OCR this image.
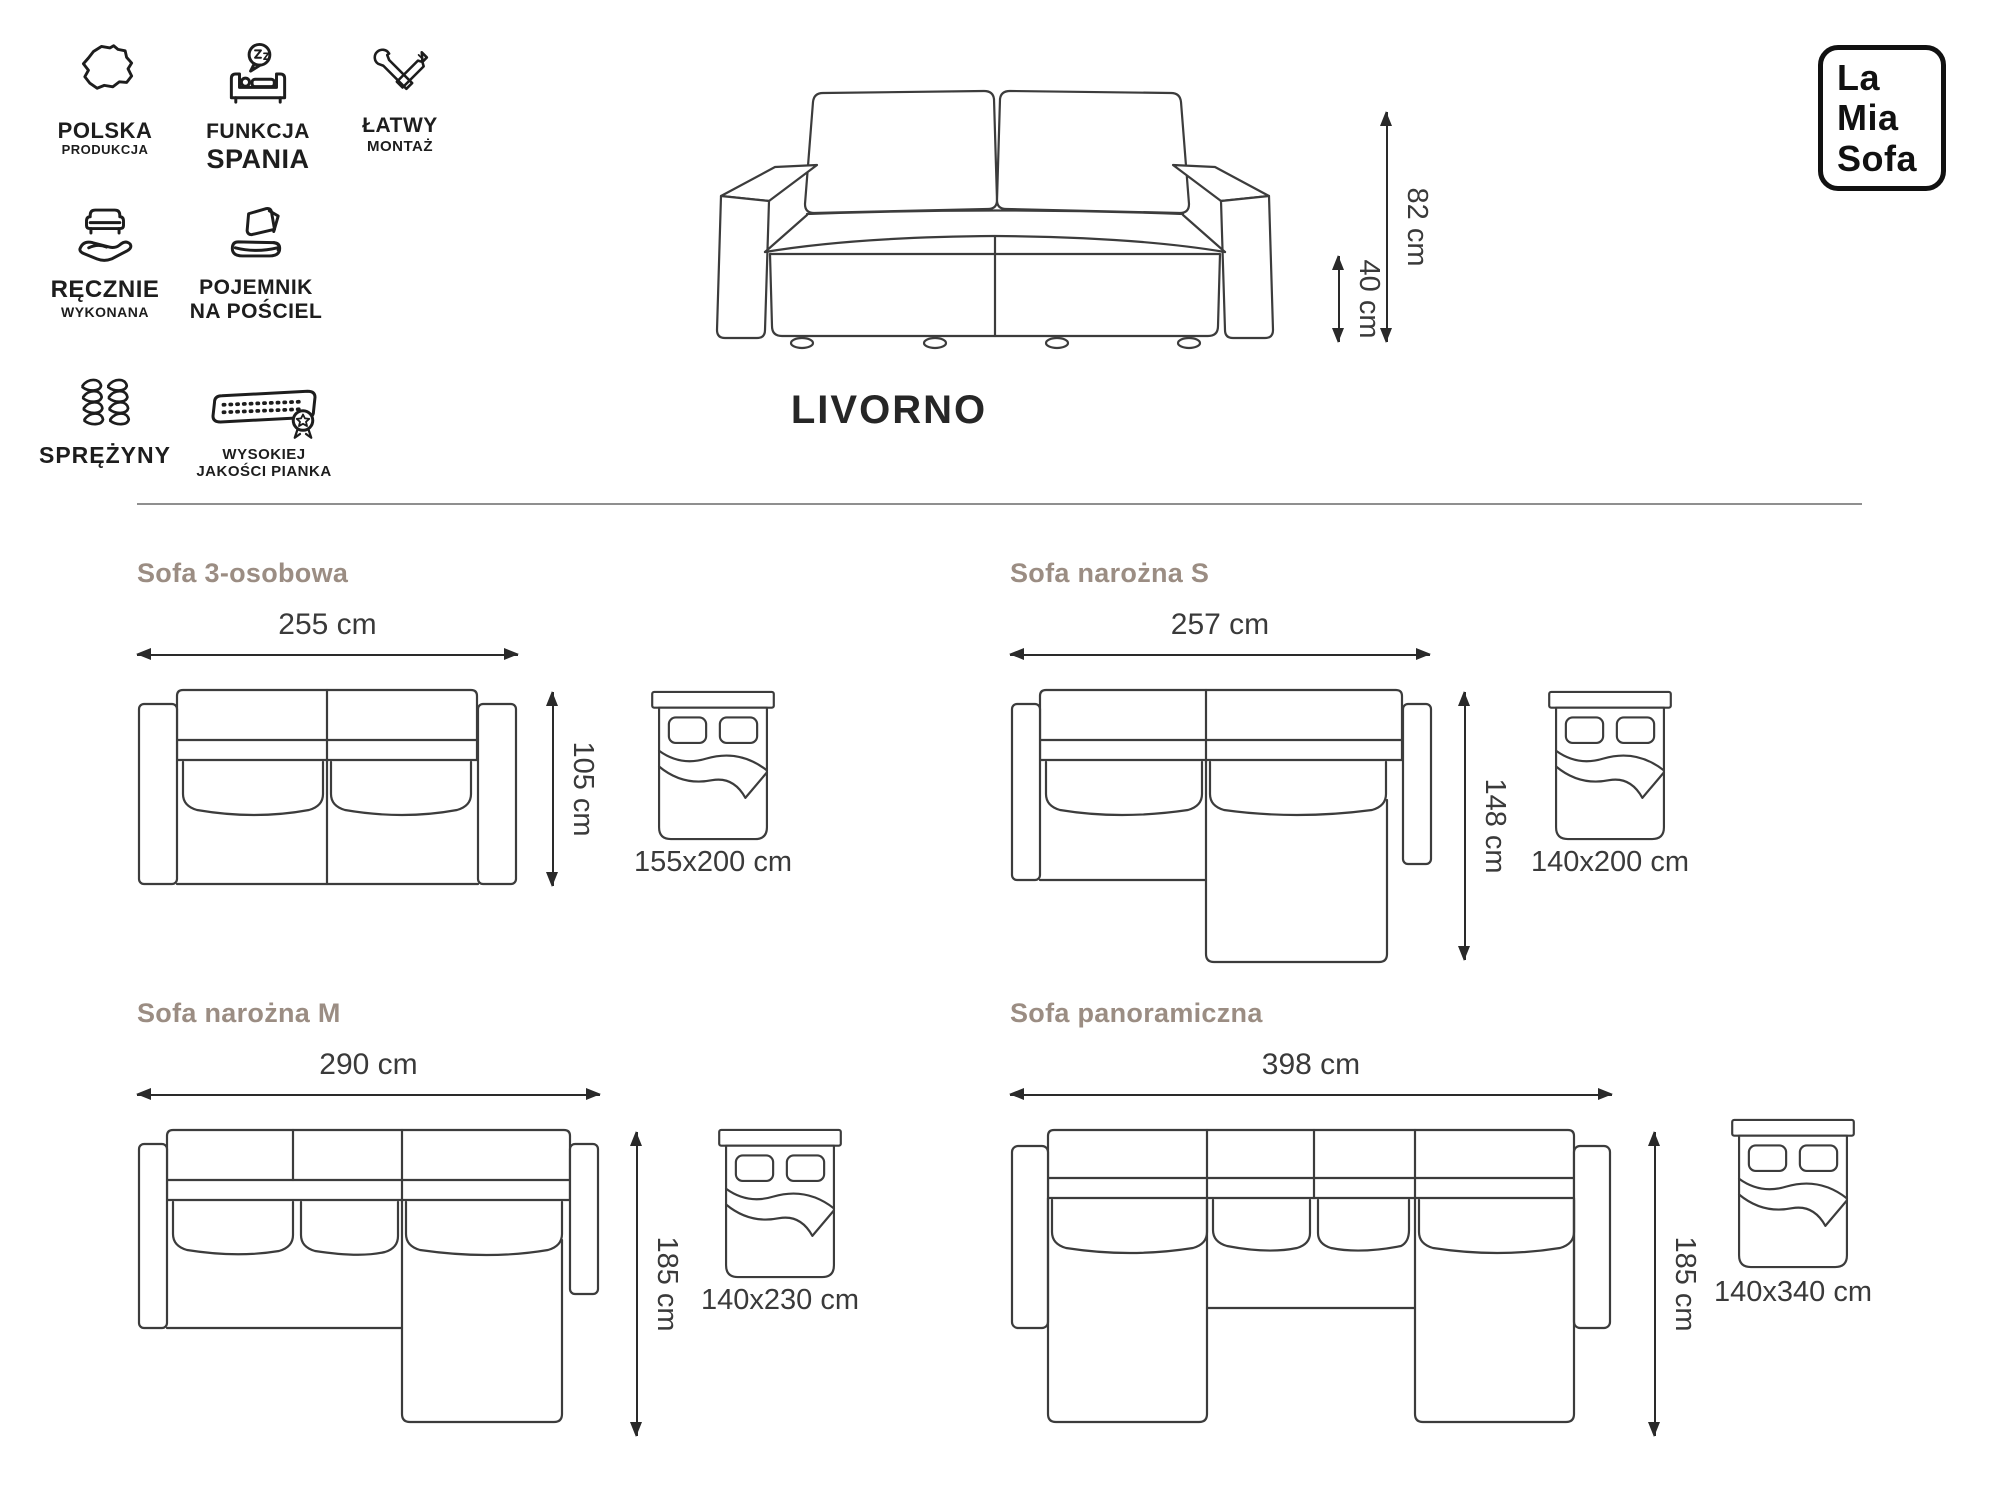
POLSKA
PRODUKCJA
FUNKCJA
SPANIA
ŁATWY
MONTAŻ
RĘCZNIE
WYKONANA
POJEMNIK
NA POŚCIEL
SPRĘŻYNY	WYSOKIEJ
JAKOŚCI PIANKA
La
Mia
Sofa
82 cm
40 cm
LIVORNO
Sofa 3-osobowa
255 cm
105 cm
155x200 cm
Sofa narożna S
257 cm
148 cm 140x200 cm
Sofa narożna M
290 cm
185 cm 140x230 cm
Sofa panoramiczna
398 cm
185 cm 140x340 cm
